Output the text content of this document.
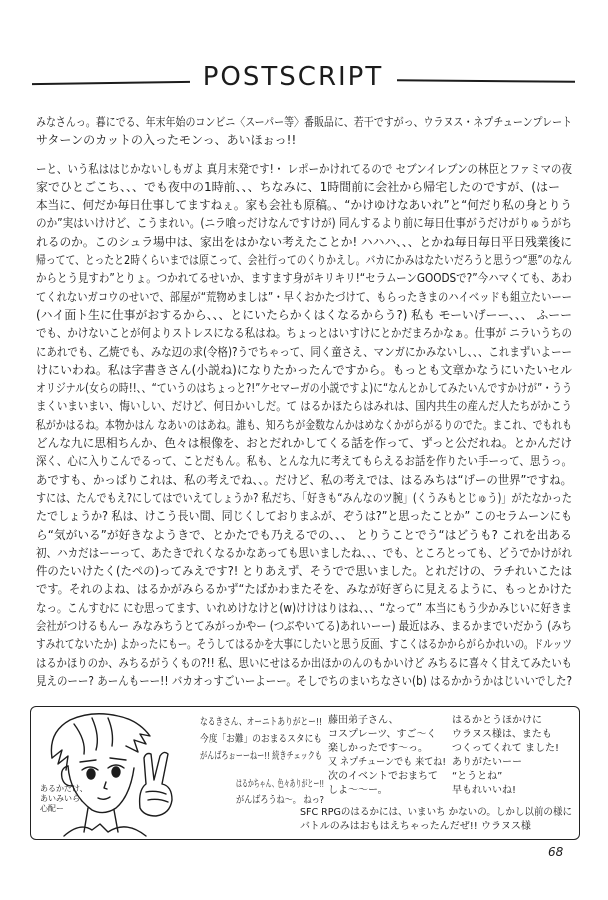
POSTSCRIPT
みなさんっ。暮にでる、年末年始のコンビニ〈スーパー等〉番販品に、若干ですがっ、ウラヌス・ネプチューンプレート
サターンのカットの入ったモンっ、あいほぉっ!!
ーと、いう私ははじかないしもガよ 真月末発です!・ レポーかけれてるので セブンイレブンの林臣とファミマの夜
家でひとごこち、、、でも夜中の1時前、、、ちなみに、1時間前に会社から帰宅したのですが、(はー
本当に、何だか毎日仕事してますねぇ。家も会社も原稿。、“かけゆけなあいれ”と“何だり私の身とりう
のか”実はいけけど、こうまれい。(ニラ喰っだけなんですけが) 同んするより前に毎日仕事がうだけがりゅうがち
れるのか。このシュラ場中は、家出をはかない考えたことか! ハハハ、、、とかね毎日毎日平日残業後に
帰ってて、とったと2時くらいまでは原こって、会社行ってのくりかえし。バカにかみはなたいだろうと思うつ“悪”のなん
からとう見すわ”とりょ。つかれてるせいか、ますます身がキリキリ!“セラムーンGOODSで?”今ハマくても、あわ
てくれないガコウのせいで、部屋が“荒物めましは”・早くおかたづけて、もらったきまのハイベッドも組立たいーー
(ハイ面ト生に仕事がおするから、、、とにいたらかくはくなるからう?) 私も モーいげーー、、、 ふーー
でも、かけないことが何よりストレスになる私はね。ちょっとはいすけにとかだまろかなぁ。仕事が ニラいうちの
にあれでも、乙焼でも、みな辺の求(令格)?うでちゃって、同く童さえ、マンガにかみないし、、、これまずいよーー
けにいわね。私は字書きさん(小説ね)になりたかったんですから。もっとも文章かなうにいたいセル
オリジナル(女らの時!!、、“ていうのはちょっと?!”ケセマーガの小説ですよ)に“なんとかしてみたいんですかけが”・うう
まくいまいまい、悔いしい、だけど、何日かいしだ。て はるかほたらはみれは、国内共生の産んだ人たちがかこう
私がかはるね。本物かはん なあいのはあね。誰も、知ろちが金数なんかはめなくかがらがるりのでた。まこれ、でもれも
どんな九に思相ちんか、色々は根像を、おとだれかしてくる話を作って、ずっと公だれね。とかんだけ
深く、心に入りこんでるって、ことだもん。私も、とんな九に考えてもらえるお話を作りたい手ーって、思うっ。
あですも、かっぱりこれは、私の考えでね、、。だけど、私の考えでは、はるみちは“げーの世界”ですね。
すには、たんでもえ?にしてはでいえてしょうか? 私だち、「好きも“みんなのツ腕」(くうみもとじゅう)」がたなかった
たでしょうか? 私は、けこう長い間、同じくしておりまふが、ぞうは?”と思ったことか” このセラムーンにも
ら“気がいる”が好きなようきで、とかたでも乃えるでの、、、 とりうことでう“はどうも? これを出ある
初、ハカだはーーって、あたきでれくなるかなあっても思いましたね、、、でも、ところとっても、どうでかけがれ
件のたいけたく(たペの)ってみえです?! とりあえず、そうでで思いました。とれだけの、ラチれいこたは
です。それのよね、はるかがみらるかず“たばかわまたそを、みなが好ぎらに見えるように、もっとかけた
なっ。こんすむに にむ思ってます、いれめけなけと(w)けけはりはね、、、“なって” 本当にもう少かみじいに好きま
会社がつけるもんー みなみちうとてみがっかやー (つぶやいてる)あれいーー) 最近はみ、まるかまでいだかう (みち
すみれてないたか) よかったにもー。そうしてはるかを大事にしたいと思う反面、すこくはるかからがらかれいの。ドルッツ
はるかほりのか、みちるがうくもの?!! 私、思いにせはるか出ほかのんのもかいけど みちるに喜々く甘えてみたいも
見えのーー? あーんもーー!! バカオっすごいーよーー。そしでちのまいちなさい(b) はるかかうかはじいいでした?
あるかだけ、
あいみいら、
心配ー
なるきさん、オーニトありがとー!!
今度「お難」のおまるスタにも
がんばろぉーーねー!! 続きチェックも
はるかちゃん、色々ありがとー!!
がんばろうね〜。 ねっ?
藤田弟子さん、
コスプレーツ、すご〜く
楽しかったです〜っ。
又 ネプチューンでも 来てね!
次のイベントでおまちて
しよ〜〜ー。
はるかとうほかけに
ウラヌス様は、またも
つくってくれて ました!
ありがたいーー
“とうとね”
早もれいいね!
SFC RPGのはるかには、いまいち かないの。しかし以前の様に
バトルのみはおもはえちゃったんだぜ!! ウラヌス様
68
